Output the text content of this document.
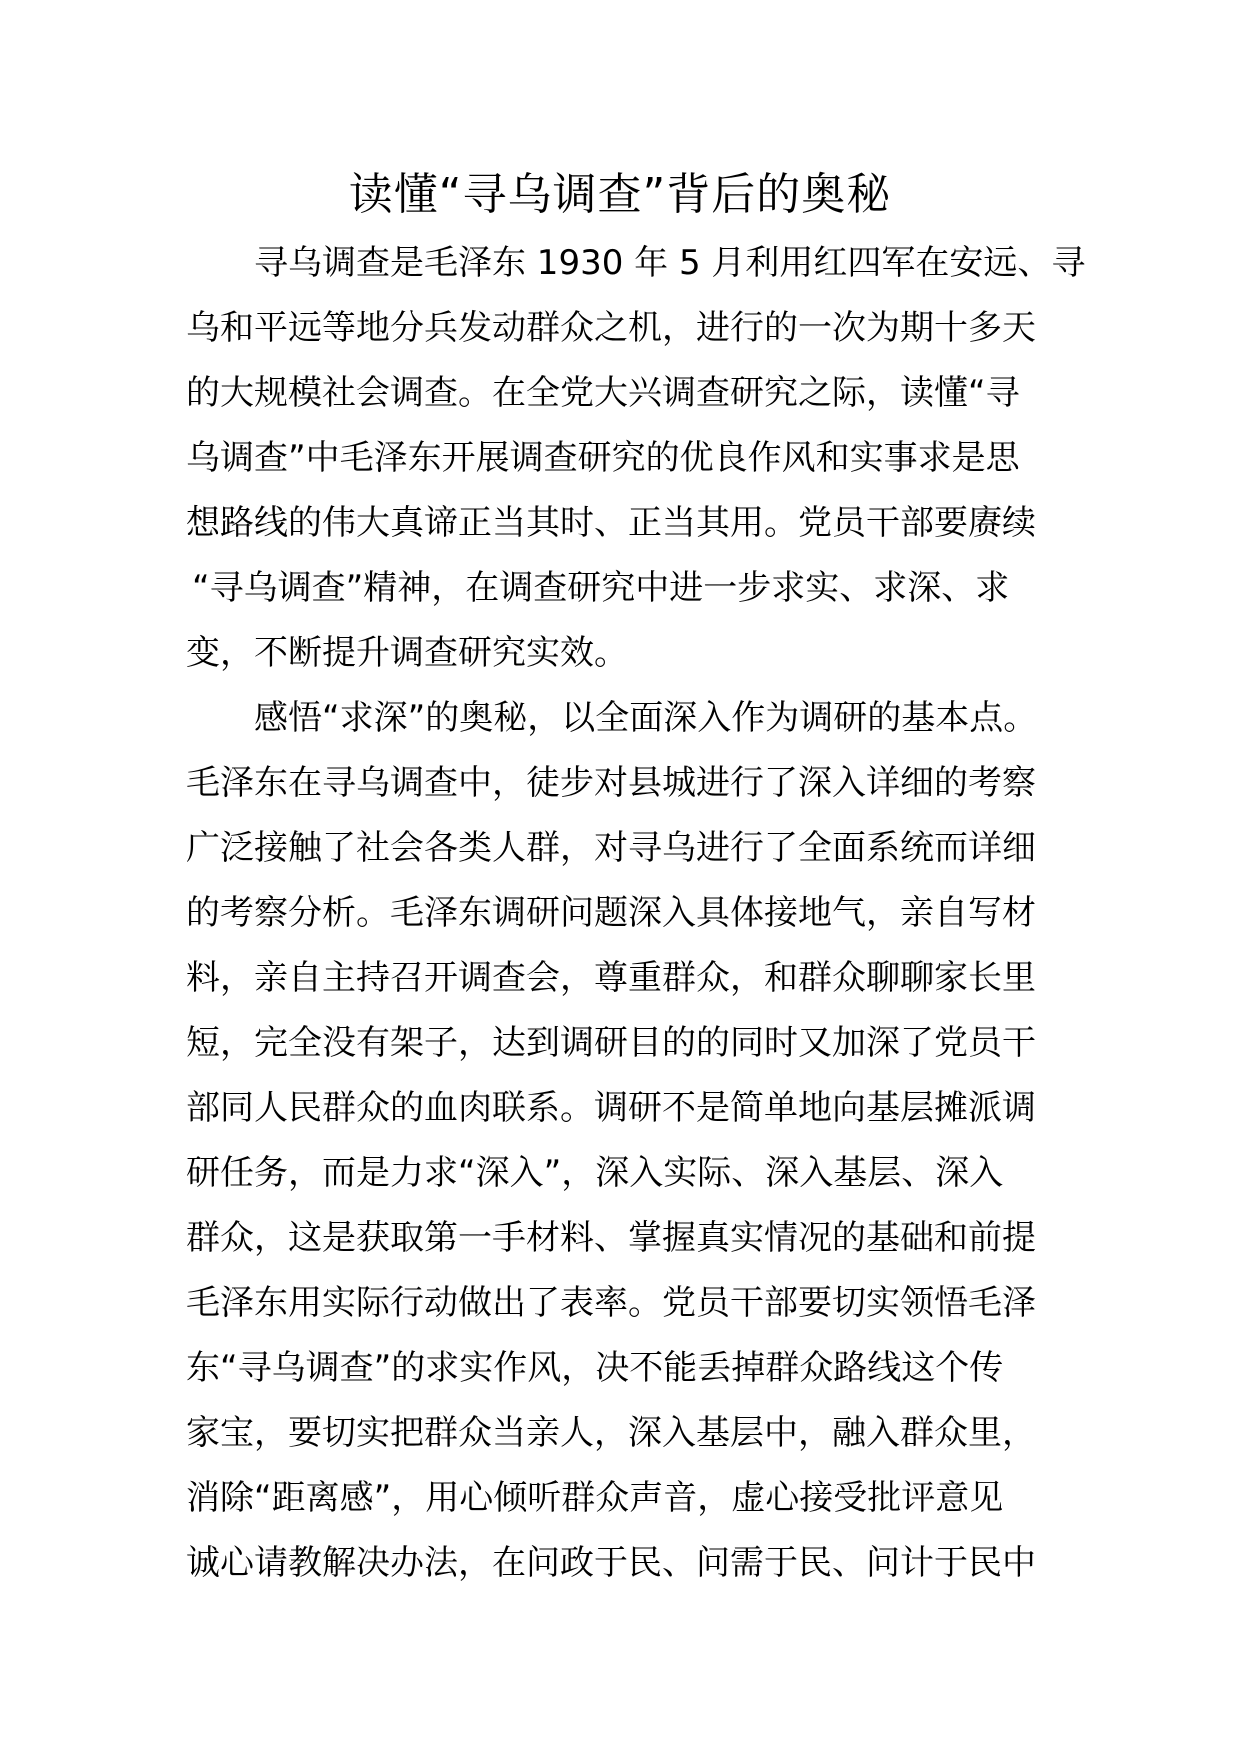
读懂“寻乌调查”背后的奥秘
寻乌调查是毛泽东 1930 年 5 月利用红四军在安远、寻
乌和平远等地分兵发动群众之机，进行的一次为期十多天
的大规模社会调查。在全党大兴调查研究之际，读懂“寻
乌调查”中毛泽东开展调查研究的优良作风和实事求是思
想路线的伟大真谛正当其时、正当其用。党员干部要赓续
“寻乌调查”精神，在调查研究中进一步求实、求深、求
变，不断提升调查研究实效。
感悟“求深”的奥秘，以全面深入作为调研的基本点。
毛泽东在寻乌调查中，徒步对县城进行了深入详细的考察
广泛接触了社会各类人群，对寻乌进行了全面系统而详细
的考察分析。毛泽东调研问题深入具体接地气，亲自写材
料，亲自主持召开调查会，尊重群众，和群众聊聊家长里
短，完全没有架子，达到调研目的的同时又加深了党员干
部同人民群众的血肉联系。调研不是简单地向基层摊派调
研任务，而是力求“深入”，深入实际、深入基层、深入
群众，这是获取第一手材料、掌握真实情况的基础和前提
毛泽东用实际行动做出了表率。党员干部要切实领悟毛泽
东“寻乌调查”的求实作风，决不能丢掉群众路线这个传
家宝，要切实把群众当亲人，深入基层中，融入群众里，
消除“距离感”，用心倾听群众声音，虚心接受批评意见
诚心请教解决办法，在问政于民、问需于民、问计于民中
